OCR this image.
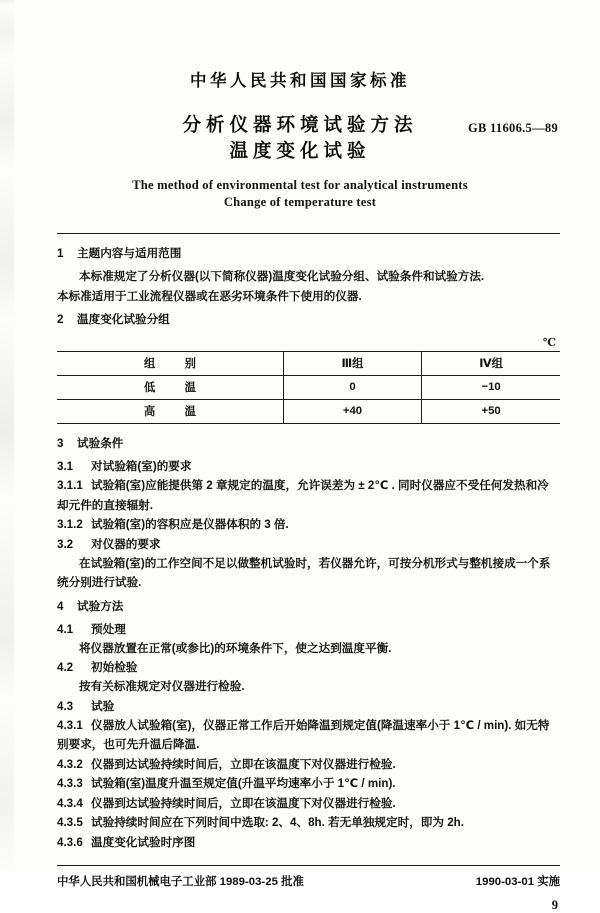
中华人民共和国国家标准
分析仪器环境试验方法
温度变化试验
GB 11606.5—89
The method of environmental test for analytical instruments
Change of temperature test
1 主题内容与适用范围
本标准规定了分析仪器(以下简称仪器)温度变化试验分组、试验条件和试验方法.
本标准适用于工业流程仪器或在恶劣环境条件下使用的仪器.
2 温度变化试验分组
℃
组　别	Ⅲ组	Ⅳ组
低　温	0	−10
高　温	+40	+50
3 试验条件
3.1 对试验箱(室)的要求
3.1.1 试验箱(室)应能提供第 2 章规定的温度，允许误差为 ± 2℃ . 同时仪器应不受任何发热和冷却元件的直接辐射.
3.1.2 试验箱(室)的容积应是仪器体积的 3 倍.
3.2 对仪器的要求
在试验箱(室)的工作空间不足以做整机试验时，若仪器允许，可按分机形式与整机接成一个系统分别进行试验.
4 试验方法
4.1 预处理
将仪器放置在正常(或参比)的环境条件下，使之达到温度平衡.
4.2 初始检验
按有关标准规定对仪器进行检验.
4.3 试验
4.3.1 仪器放人试验箱(室)，仪器正常工作后开始降温到规定值(降温速率小于 1℃ / min). 如无特别要求，也可先升温后降温.
4.3.2 仪器到达试验持续时间后，立即在该温度下对仪器进行检验.
4.3.3 试验箱(室)温度升温至规定值(升温平均速率小于 1℃ / min).
4.3.4 仪器到达试验持续时间后，立即在该温度下对仪器进行检验.
4.3.5 试验持续时间应在下列时间中选取: 2、4、8h. 若无单独规定时，即为 2h.
4.3.6 温度变化试验时序图
中华人民共和国机械电子工业部 1989-03-25 批准	1990-03-01 实施
9
